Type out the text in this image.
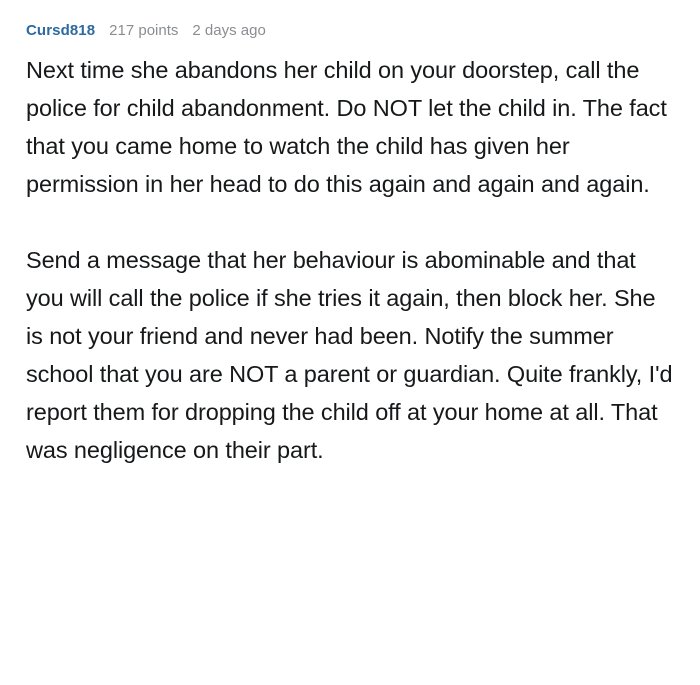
Cursd818 217 points 2 days ago

Next time she abandons her child on your doorstep, call the police for child abandonment. Do NOT let the child in. The fact that you came home to watch the child has given her permission in her head to do this again and again and again.

Send a message that her behaviour is abominable and that you will call the police if she tries it again, then block her. She is not your friend and never had been. Notify the summer school that you are NOT a parent or guardian. Quite frankly, I'd report them for dropping the child off at your home at all. That was negligence on their part.
